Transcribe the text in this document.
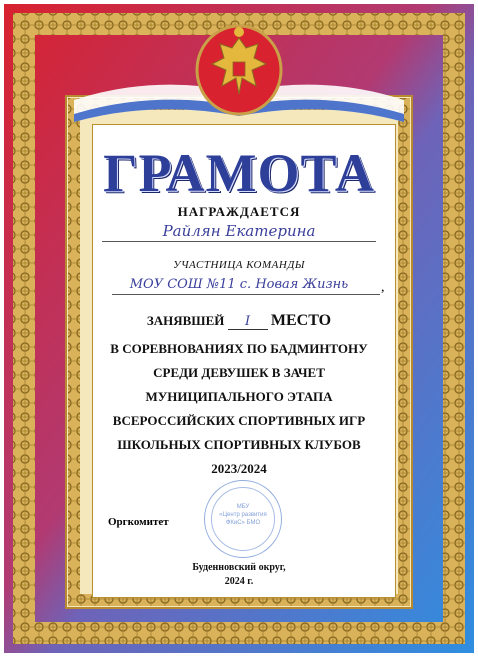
ГРАМОТА
НАГРАЖДАЕТСЯ
Райлян Екатерина
УЧАСТНИЦА КОМАНДЫ
МОУ СОШ №11 с. Новая Жизнь	,
ЗАНЯВШЕЙ I МЕСТО
В СОРЕВНОВАНИЯХ ПО БАДМИНТОНУ
СРЕДИ ДЕВУШЕК В ЗАЧЕТ
МУНИЦИПАЛЬНОГО ЭТАПА
ВСЕРОССИЙСКИХ СПОРТИВНЫХ ИГР
ШКОЛЬНЫХ СПОРТИВНЫХ КЛУБОВ
2023/2024
Оргкомитет
МБУ
«Центр развития
ФКиС» БМО
Буденновский округ,
2024 г.
